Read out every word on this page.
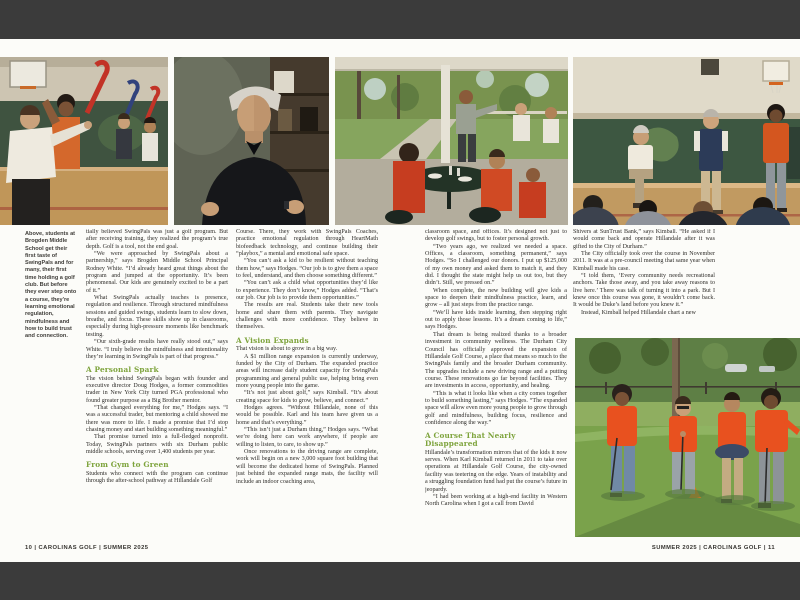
Above, students at Brogden Middle School get their first taste of SwingPals and for many, their first time holding a golf club. But before they ever step onto a course, they're learning emotional regulation, mindfulness and how to build trust and connection.

tially believed SwingPals was just a golf program. But after receiving training, they realized the program’s true depth. Golf is a tool, not the end goal.

“We were approached by SwingPals about a partnership,” says Brogden Middle School Principal Rodney White. “I’d already heard great things about the program and jumped at the opportunity. It’s been phenomenal. Our kids are genuinely excited to be a part of it.”

What SwingPals actually teaches is presence, regulation and resilience. Through structured mindfulness sessions and guided swings, students learn to slow down, breathe, and focus. These skills show up in classrooms, especially during high-pressure moments like benchmark testing.

“Our sixth-grade results have really stood out,” says White. “I truly believe the mindfulness and intentionality they’re learning in SwingPals is part of that progress.”

A Personal Spark

The vision behind SwingPals began with founder and executive director Doug Hodges, a former commodities trader in New York City turned PGA professional who found greater purpose as a Big Brother mentor.

“That changed everything for me,” Hodges says. “I was a successful trader, but mentoring a child showed me there was more to life. I made a promise that I’d stop chasing money and start building something meaningful.”

That promise turned into a full-fledged nonprofit. Today, SwingPals partners with six Durham public middle schools, serving over 1,400 students per year.

From Gym to Green

Students who connect with the program can continue through the after-school pathway at Hillandale Golf

Course. There, they work with SwingPals Coaches, practice emotional regulation through HeartMath biofeedback technology, and continue building their “playbox,” a mental and emotional safe space.

“You can’t ask a kid to be resilient without teaching them how,” says Hodges. “Our job is to give them a space to feel, understand, and then choose something different.”

“You can’t ask a child what opportunities they’d like to experience. They don’t know,” Hodges added. “That’s our job. Our job is to provide them opportunities.”

The results are real. Students take their new tools home and share them with parents. They navigate challenges with more confidence. They believe in themselves.

A Vision Expands

That vision is about to grow in a big way.

A $1 million range expansion is currently underway, funded by the City of Durham. The expanded practice areas will increase daily student capacity for SwingPals programming and general public use, helping bring even more young people into the game.

“It’s not just about golf,” says Kimball. “It’s about creating space for kids to grow, believe, and connect.”

Hodges agrees. “Without Hillandale, none of this would be possible. Karl and his team have given us a home and that’s everything.”

“This isn’t just a Durham thing,” Hodges says. “What we’re doing here can work anywhere, if people are willing to listen, to care, to show up.”

Once renovations to the driving range are complete, work will begin on a new 3,000 square foot building that will become the dedicated home of SwingPals. Planned just behind the expanded range mats, the facility will include an indoor coaching area,

classroom space, and offices. It’s designed not just to develop golf swings, but to foster personal growth.

“Two years ago, we realized we needed a space. Offices, a classroom, something permanent,” says Hodges. “So I challenged our donors. I put up $125,000 of my own money and asked them to match it, and they did. I thought the state might help us out too, but they didn’t. Still, we pressed on.”

When complete, the new building will give kids a space to deepen their mindfulness practice, learn, and grow – all just steps from the practice range.

“We’ll have kids inside learning, then stepping right out to apply those lessons. It’s a dream coming to life,” says Hodges.

That dream is being realized thanks to a broader investment in community wellness. The Durham City Council has officially approved the expansion of Hillandale Golf Course, a place that means so much to the SwingPals family and the broader Durham community. The upgrades include a new driving range and a putting course. These renovations go far beyond facilities. They are investments in access, opportunity, and healing.

“This is what it looks like when a city comes together to build something lasting,” says Hodges. “The expanded space will allow even more young people to grow through golf and mindfulness, building focus, resilience and confidence along the way.”

A Course That Nearly Disappeared

Hillandale’s transformation mirrors that of the kids it now serves. When Karl Kimball returned in 2011 to take over operations at Hillandale Golf Course, the city-owned facility was teetering on the edge. Years of instability and a struggling foundation fund had put the course’s future in jeopardy.

“I had been working at a high-end facility in Western North Carolina when I got a call from David

Shivers at SunTrust Bank,” says Kimball. “He asked if I would come back and operate Hillandale after it was gifted to the City of Durham.”

The City officially took over the course in November 2011. It was at a pre-council meeting that same year when Kimball made his case.

“I told them, ‘Every community needs recreational anchors. Take those away, and you take away reasons to live here.’ There was talk of turning it into a park. But I knew once this course was gone, it wouldn’t come back. It would be Duke’s land before you knew it.”

Instead, Kimball helped Hillandale chart a new

10 | CAROLINAS GOLF | SUMMER 2025	SUMMER 2025 | CAROLINAS GOLF | 11
